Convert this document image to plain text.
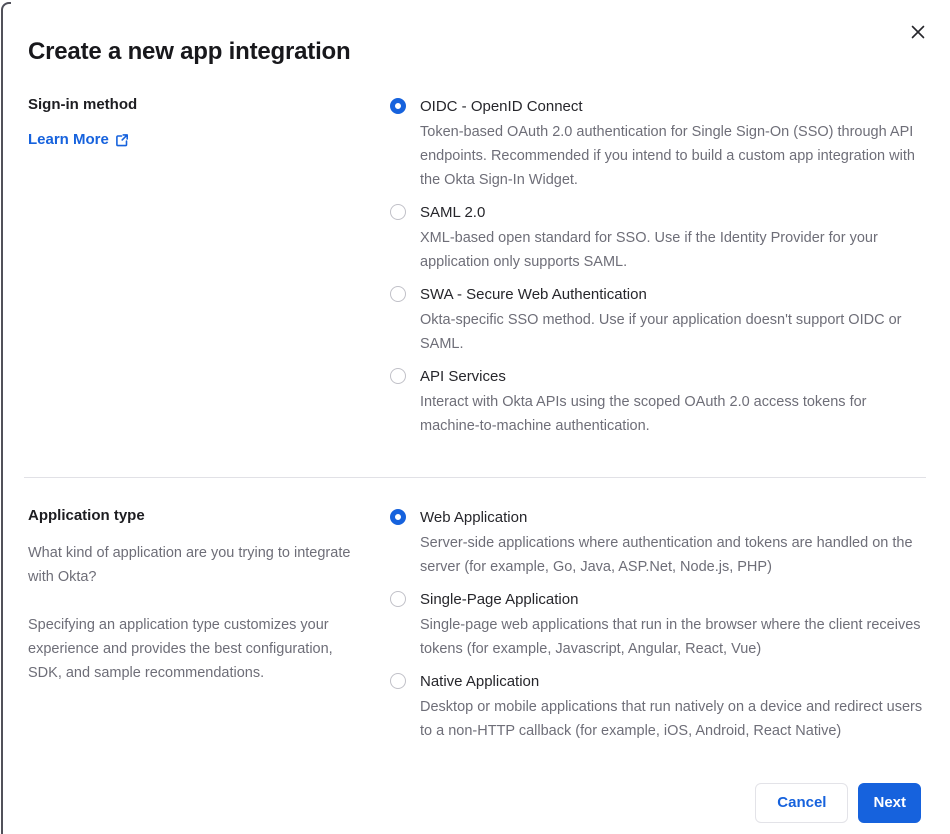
Create a new app integration
Sign-in method
Learn More
OIDC - OpenID Connect
Token-based OAuth 2.0 authentication for Single Sign-On (SSO) through API endpoints. Recommended if you intend to build a custom app integration with the Okta Sign-In Widget.
SAML 2.0
XML-based open standard for SSO. Use if the Identity Provider for your application only supports SAML.
SWA - Secure Web Authentication
Okta-specific SSO method. Use if your application doesn't support OIDC or SAML.
API Services
Interact with Okta APIs using the scoped OAuth 2.0 access tokens for machine-to-machine authentication.
Application type

What kind of application are you trying to integrate with Okta?

Specifying an application type customizes your experience and provides the best configuration, SDK, and sample recommendations.

Web Application
Server-side applications where authentication and tokens are handled on the server (for example, Go, Java, ASP.Net, Node.js, PHP)
Single-Page Application
Single-page web applications that run in the browser where the client receives tokens (for example, Javascript, Angular, React, Vue)
Native Application
Desktop or mobile applications that run natively on a device and redirect users to a non-HTTP callback (for example, iOS, Android, React Native)
Cancel	Next
